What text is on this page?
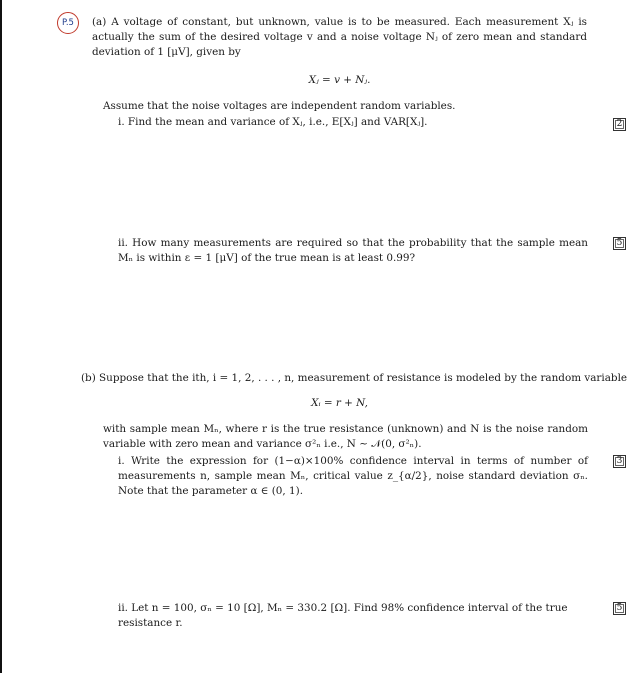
P.5 (a) A voltage of constant, but unknown, value is to be measured. Each measurement Xⱼ is actually the sum of the desired voltage v and a noise voltage Nⱼ of zero mean and standard deviation of 1 [μV], given by
Xⱼ = v + Nⱼ.
Assume that the noise voltages are independent random variables.
i. Find the mean and variance of Xⱼ, i.e., E[Xⱼ] and VAR[Xⱼ].	2
ii. How many measurements are required so that the probability that the sample mean Mₙ is within ε = 1 [μV] of the true mean is at least 0.99?
5
(b) Suppose that the ith, i = 1, 2, . . . , n, measurement of resistance is modeled by the random variable
Xᵢ = r + N,
with sample mean Mₙ, where r is the true resistance (unknown) and N is the noise random variable with zero mean and variance σ²ₙ i.e., N ∼ 𝒩(0, σ²ₙ).
i. Write the expression for (1−α)×100% confidence interval in terms of number of measurements n, sample mean Mₙ, critical value z_{α/2}, noise standard deviation σₙ. Note that the parameter α ∈ (0, 1).
3
ii. Let n = 100, σₙ = 10 [Ω], Mₙ = 330.2 [Ω]. Find 98% confidence interval of the true resistance r.
5
